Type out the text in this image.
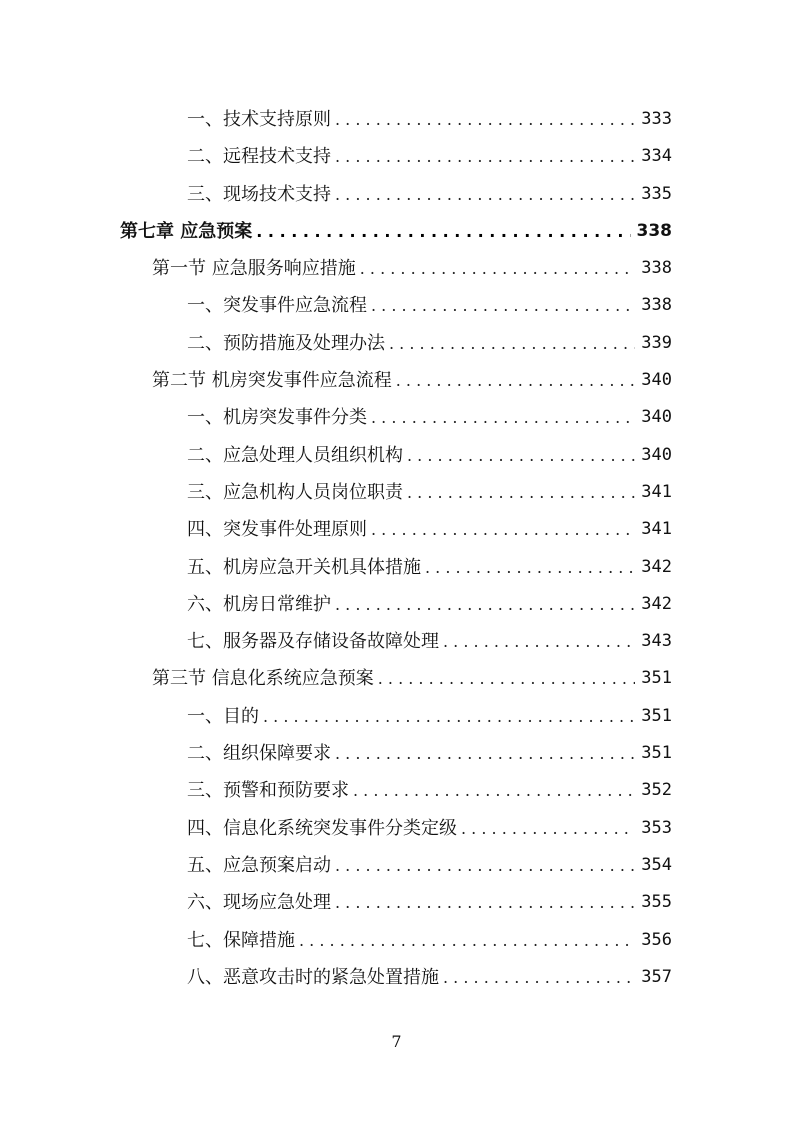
一、技术支持原则 . . .	333
二、远程技术支持 . . .	334
三、现场技术支持 . . .	335
第七章 应急预案 . . .	338
第一节 应急服务响应措施 . . .	338
一、突发事件应急流程 . . .	338
二、预防措施及处理办法 . . .	339
第二节 机房突发事件应急流程 . . .	340
一、机房突发事件分类 . . .	340
二、应急处理人员组织机构 . . .	340
三、应急机构人员岗位职责 . . .	341
四、突发事件处理原则 . . .	341
五、机房应急开关机具体措施 . . .	342
六、机房日常维护 . . .	342
七、服务器及存储设备故障处理 . . .	343
第三节 信息化系统应急预案 . . .	351
一、目的 . . .	351
二、组织保障要求 . . .	351
三、预警和预防要求 . . .	352
四、信息化系统突发事件分类定级 . . .	353
五、应急预案启动 . . .	354
六、现场应急处理 . . .	355
七、保障措施 . . .	356
八、恶意攻击时的紧急处置措施 . . .	357
7
